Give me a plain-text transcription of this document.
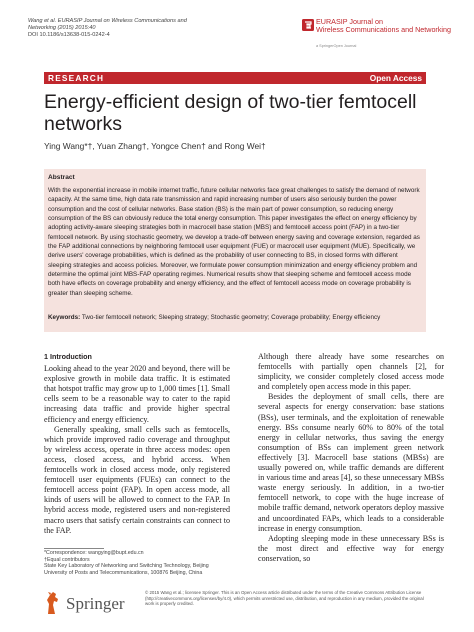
Wang et al. EURASIP Journal on Wireless Communications and
Networking (2015) 2015:40
DOI 10.1186/s13638-015-0242-4
EURASIP Journal on
Wireless Communications and Networking
a SpringerOpen Journal
RESEARCH	Open Access
Energy-efficient design of two-tier femtocell
networks
Ying Wang*†, Yuan Zhang†, Yongce Chen† and Rong Wei†
Abstract
With the exponential increase in mobile internet traffic, future cellular networks face great challenges to satisfy the demand of network capacity. At the same time, high data rate transmission and rapid increasing number of users also seriously burden the power consumption and the cost of cellular networks. Base station (BS) is the main part of power consumption, so reducing energy consumption of the BS can obviously reduce the total energy consumption. This paper investigates the effect on energy efficiency by adopting activity-aware sleeping strategies both in macrocell base station (MBS) and femtocell access point (FAP) in a two-tier femtocell network. By using stochastic geometry, we develop a trade-off between energy saving and coverage extension, regarded as the FAP additional connections by neighboring femtocell user equipment (FUE) or macrocell user equipment (MUE). Specifically, we derive users' coverage probabilities, which is defined as the probability of user connecting to BS, in closed forms with different sleeping strategies and access policies. Moreover, we formulate power consumption minimization and energy efficiency problem and determine the optimal joint MBS-FAP operating regimes. Numerical results show that sleeping scheme and femtocell access mode both have effects on coverage probability and energy efficiency, and the effect of femtocell access mode on coverage probability is greater than sleeping scheme.
Keywords: Two-tier femtocell network; Sleeping strategy; Stochastic geometry; Coverage probability; Energy efficiency
1 Introduction

Looking ahead to the year 2020 and beyond, there will be explosive growth in mobile data traffic. It is estimated that hotspot traffic may grow up to 1,000 times [1]. Small cells seem to be a reasonable way to cater to the rapid increasing data traffic and provide higher spectral efficiency and energy efficiency.

Generally speaking, small cells such as femtocells, which provide improved radio coverage and throughput by wireless access, operate in three access modes: open access, closed access, and hybrid access. When femtocells work in closed access mode, only registered femtocell user equipments (FUEs) can connect to the femtocell access point (FAP). In open access mode, all kinds of users will be allowed to connect to the FAP. In hybrid access mode, registered users and non-registered macro users that satisfy certain constraints can connect to the FAP.

Although there already have some researches on femtocells with partially open channels [2], for simplicity, we consider completely closed access mode and completely open access mode in this paper.

Besides the deployment of small cells, there are several aspects for energy conservation: base stations (BSs), user terminals, and the exploitation of renewable energy. BSs consume nearly 60% to 80% of the total energy in cellular networks, thus saving the energy consumption of BSs can implement green network effectively [3]. Macrocell base stations (MBSs) are usually powered on, while traffic demands are different in various time and areas [4], so these unnecessary MBSs waste energy seriously. In addition, in a two-tier femtocell network, to cope with the huge increase of mobile traffic demand, network operators deploy massive and uncoordinated FAPs, which leads to a considerable increase in energy consumption.

Adopting sleeping mode in these unnecessary BSs is the most direct and effective way for energy conservation, so

*Correspondence: wangying@bupt.edu.cn
†Equal contributors
State Key Laboratory of Networking and Switching Technology, Beijing University of Posts and Telecommunications, 100876 Beijing, China
Springer
© 2015 Wang et al.; licensee Springer. This is an Open Access article distributed under the terms of the Creative Commons Attribution License (http://creativecommons.org/licenses/by/4.0), which permits unrestricted use, distribution, and reproduction in any medium, provided the original work is properly credited.
